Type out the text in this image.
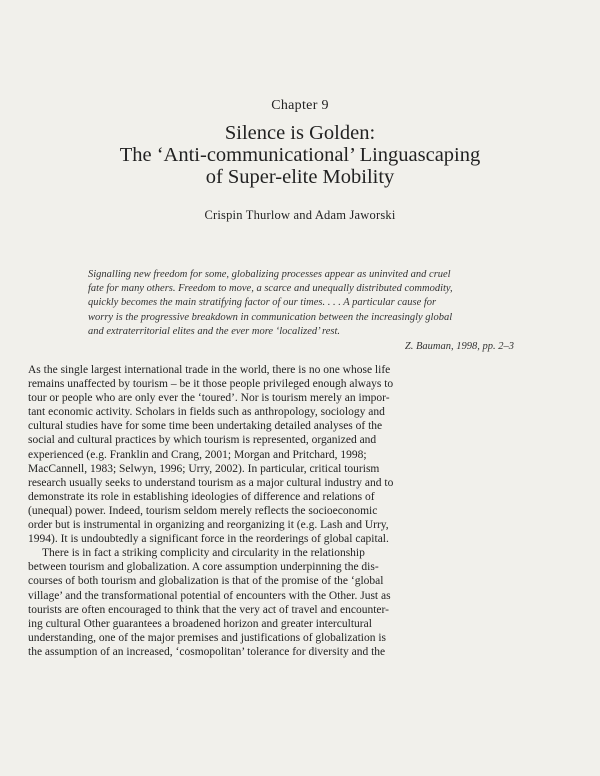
Chapter 9
Silence is Golden:
The ‘Anti-communicational’ Linguascaping
of Super-elite Mobility
Crispin Thurlow and Adam Jaworski
Signalling new freedom for some, globalizing processes appear as uninvited and cruel
fate for many others. Freedom to move, a scarce and unequally distributed commodity,
quickly becomes the main stratifying factor of our times. . . . A particular cause for
worry is the progressive breakdown in communication between the increasingly global
and extraterritorial elites and the ever more ‘localized’ rest.
Z. Bauman, 1998, pp. 2–3
As the single largest international trade in the world, there is no one whose life
remains unaffected by tourism – be it those people privileged enough always to
tour or people who are only ever the ‘toured’. Nor is tourism merely an impor-
tant economic activity. Scholars in fields such as anthropology, sociology and
cultural studies have for some time been undertaking detailed analyses of the
social and cultural practices by which tourism is represented, organized and
experienced (e.g. Franklin and Crang, 2001; Morgan and Pritchard, 1998;
MacCannell, 1983; Selwyn, 1996; Urry, 2002). In particular, critical tourism
research usually seeks to understand tourism as a major cultural industry and to
demonstrate its role in establishing ideologies of difference and relations of
(unequal) power. Indeed, tourism seldom merely reflects the socioeconomic
order but is instrumental in organizing and reorganizing it (e.g. Lash and Urry,
1994). It is undoubtedly a significant force in the reorderings of global capital.
There is in fact a striking complicity and circularity in the relationship
between tourism and globalization. A core assumption underpinning the dis-
courses of both tourism and globalization is that of the promise of the ‘global
village’ and the transformational potential of encounters with the Other. Just as
tourists are often encouraged to think that the very act of travel and encounter-
ing cultural Other guarantees a broadened horizon and greater intercultural
understanding, one of the major premises and justifications of globalization is
the assumption of an increased, ‘cosmopolitan’ tolerance for diversity and the
